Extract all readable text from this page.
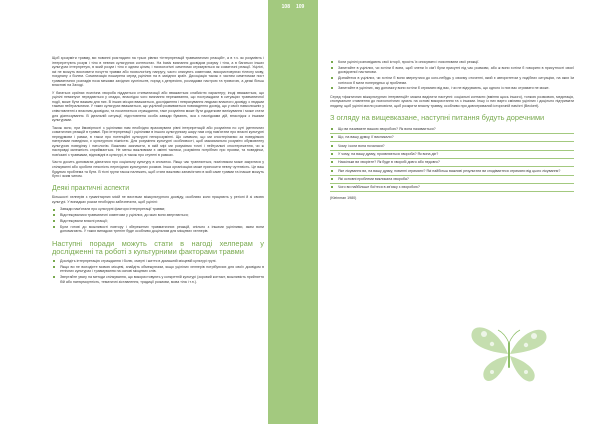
Щоб зрозуміти травму, ми повинні розглядати на трьох рівнях «інтерпретацій травматичних реакцій», а в т.ч. як розуміють і інтерпретують розум і тіло в певних культурних контекстах. На basis визнання досвідом розуму і тіла, а в багатьох інших культурах інтерпретую, в який розум і тіло є одним цілим, і психологічні симптоми отримуються як соматичні реакції. Уцілілі, які не можуть висловити почуття травми або психологічну напругу, часто описують симптоми, використовуючи тілесну мову, поєднану з болем. Соматизація поширена серед уцілілих на в західних країн. Дисоціація також є частим симптомом пост травматичних розладів поза межами західних суспільств, поряд з депресією, розладами настрою та тривогою, а деякі більш властиві на Заході.

У багатьох країнах психічна хвороба піддається стигматизації або вважається слабкістю характеру; іноді вважається, що уцілілі неминуче передаються у спадок, внаслідок чого визнання переживання, що постраждали в ситуаціях травматичної події, може бути важким для них. В інших місцях вважається, дослідження і неврахування людьми власного досвіду з людьми такими нейтральними. У таких культурах вважається, що уцілілий розвивається повсякденно досвід, що у своїх навколишніх у співставленні з власним досвідом, та посилюється страждання, таке розуміння може бути додаткове вилікування і може стати для діагнозування. В ідеальній ситуації, підготовлена особа завжди бувають, яка з наслідками дій, внаслідок з іншими культурами.

Також ясно, при ймовірності з уцілілими нам необхідно враховувати рівні інтерпретацій або розуміння по суті ідентичних соматичних реакцій в травмі. При інтерпретації і уцілілими в іншого культурному шару нам слід пам'ятати про власні культурні передумови і рамки, в такси про потенційні культурні непорозумінні. Що символи, що ми спостерігаємо за поведінкою патернами поведінки, є культурною ніжністю. Для розуміння культурні особливості, щоб максимально розуміти обумовлену культурою поведінку і патологію. Важливо зазначити, в якій мірі ми розуміємо точні і нейтральні спостереження, чи ж насправді залежність сприймається. Не менш важливими є змінні тактики, розуміння потрібних про прояви, та поведінки, пов'язані з травмами, відповідні в культурі, в також про ступені в рамках.

Часто досить допомагає дізнатися про соціальну культуру в спочинок. Якщо час трапляється, помічником може закритися у спілкуванні або зробити неясність перехідних культурних розмов. Інша організаціях може приносити певну чуттєвість. Це ваш будуємо проблема та бути. В тісні групи також належить, щоб стати важливо запам'ятати в якій саме травми та інакше можуть бути і яким чином.

Деякі практичні аспекти

Більшості хелперів з гуманітарних місій не вистачає міжкультурного досвіду, особливо коли працюють у регіоні й зі своєю культурі. У випадках роком необхідно забезпечити, щоб уцілілі:

Завжди пам'ятали про культурні фактори інтерпретації травми;
Відстежувалися травматичні симптоми у уцілілих, до яких вони звертаються;
Відстежували власні реакції;
Були готові до можливості повтору і збережених травматичних реакцій, спільно з іншими уцілілими, яким вони допомагають. У таких випадках тренінг буде особливо доцільним для місцевих хелперів.
Наступні поради можуть стати в нагоді хелперам у дослідженні та роботі з культурними факторами травми
Дослідіть інтерпретацію страждання і болю, смерті і життя в домашній місцевій культурі групі.
Якщо ви не володієте мовою місцеві, знайдіть обмежуючим, якщо уцілілих хелперів потрібуючих для своїх досвідом в етнічних культурах і травмування на основі місцевих слів.
Звертайте увагу на методи спілкування, що використовують у конкретній культурі (зоровий контакт, можливість прийняття бій або натюрмортність, тематичні зіставлення, традиції розмови, мова тіла і т.п.).
108 109
Коли уцілілі розповідають свої історії, просіть їх описувати і пояснювати свої реакції.
Запитайте в уцілілих, чи хотіли б вони, щоб члени їх сім'ї були присутні під час розмови, або ж вони хотіли б говорити в присутності своєї досвідченої настанови.
Дізнайтеся в уцілілих, чи хотіли б вони звернутися до кого-небудь у своєму оточенні, який є авторитетом у подібних ситуаціях, на яких їм хотілося б мати попередньо ці проблеми.
Запитайте в уцілілих, яку допомогу вони хотіли б отримати від вас, і чи не відчувають, що одного із них вас отримати не може.

Серед «фактичних міжкультурних інтервенцій» можна виділити наступні: соціальні контакти (вміння щось іншого), тонкою розмовою, медитація, спонукальне ставлення до психологічних зусиль на основі використання та з іншими. Іншу із них варто сміливо уцілілих і доцільно підтримати людину, щоб уцілілі могли розповісти, щоб розкрити власну травму, особливо при довготривалий історичній пам'яті (Beckert).

З огляду на вищевказане, наступні питання будуть доречними
Що ви називаєте вашою хворобою? Як вона називається?
Що, на вашу думку, її викликало?
Чому і коли вона почалася?
У чому, на вашу думку, проявляється хвороба? Як вона діє?
Наскільки ви хворієте? Як буде в хворобі довго або недовго?
Яке лікування ви, на вашу думку, повинні отримати? Які найбільш важливі результати ви сподіваєтеся отримати від цього лікування?
Які основні проблеми викликала хвороба?
Чого ви найбільше боїтеся в зв'язку з хворобою?

(Kleinman 1980)
